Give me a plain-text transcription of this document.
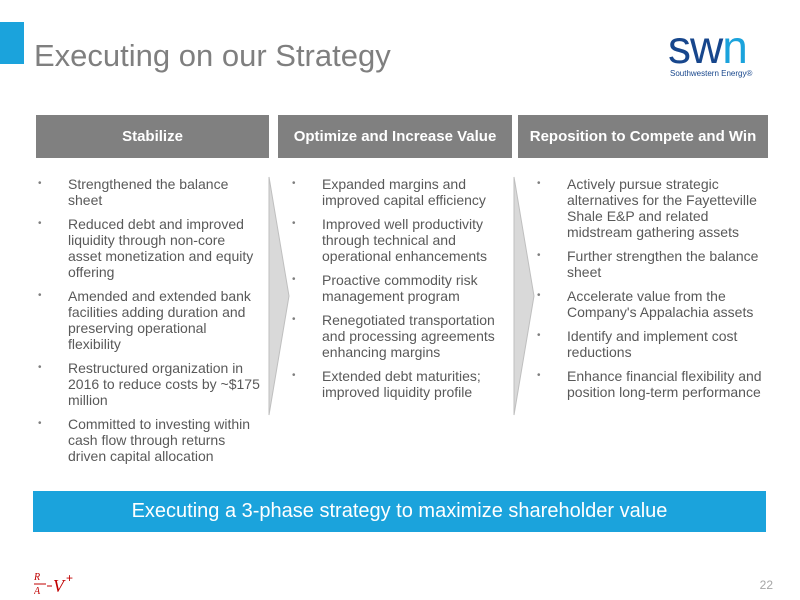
Executing on our Strategy	swn
Southwestern Energy®
Stabilize	Optimize and Increase Value	Reposition to Compete and Win
• Strengthened the balance sheet
• Reduced debt and improved liquidity through non-core asset monetization and equity offering
• Amended and extended bank facilities adding duration and preserving operational flexibility
• Restructured organization in 2016 to reduce costs by ~$175 million
• Committed to investing within cash flow through returns driven capital allocation
• Expanded margins and improved capital efficiency
• Improved well productivity through technical and operational enhancements
• Proactive commodity risk management program
• Renegotiated transportation and processing agreements enhancing margins
• Extended debt maturities; improved liquidity profile
• Actively pursue strategic alternatives for the Fayetteville Shale E&P and related midstream gathering assets
• Further strengthen the balance sheet
• Accelerate value from the Company's Appalachia assets
• Identify and implement cost reductions
• Enhance financial flexibility and position long-term performance
Executing a 3-phase strategy to maximize shareholder value
R
A V +	22
